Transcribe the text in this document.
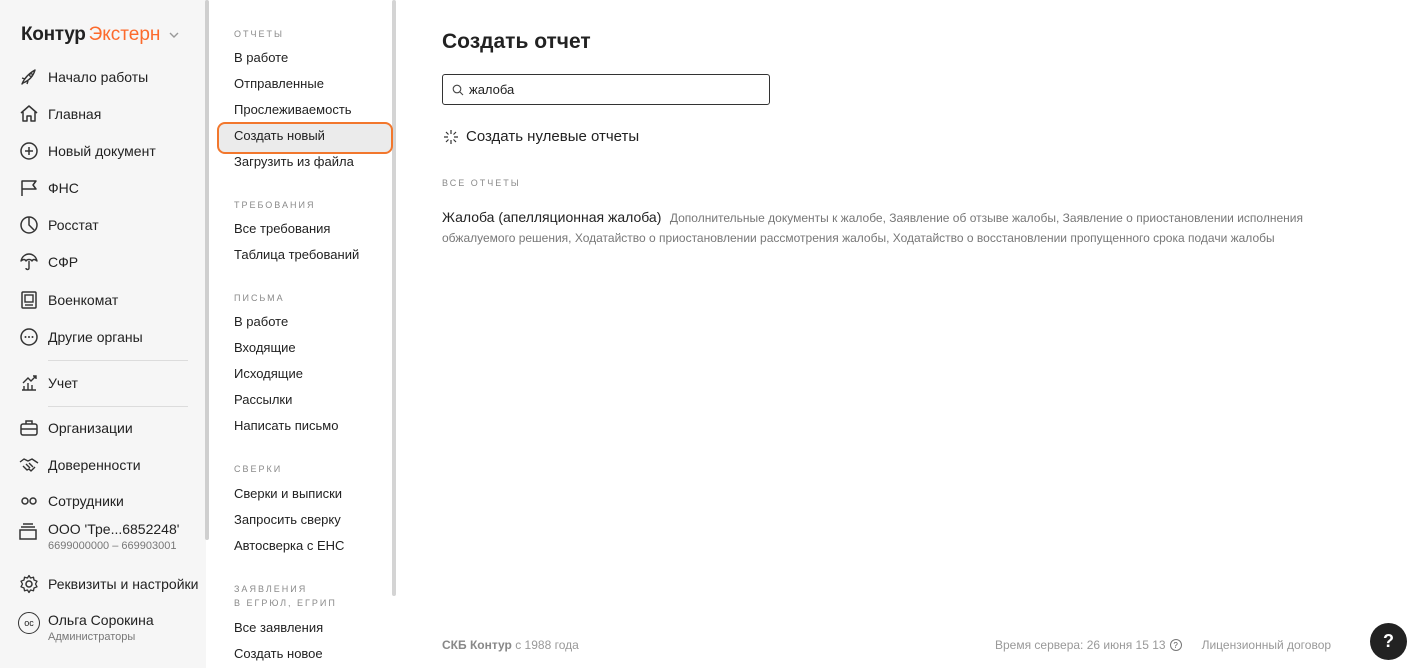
Контур Экстерн
Начало работы
Главная
Новый документ
ФНС
Росстат
СФР
Военкомат
Другие органы
Учет
Организации
Доверенности
Сотрудники
ООО 'Тре...6852248'
6699000000 – 669903001
Реквизиты и настройки
ос	Ольга Сорокина
Администраторы
ОТЧЕТЫ
В работе
Отправленные
Прослеживаемость
Создать новый
Загрузить из файла
ТРЕБОВАНИЯ
Все требования
Таблица требований
ПИСЬМА
В работе
Входящие
Исходящие
Рассылки
Написать письмо
СВЕРКИ
Сверки и выписки
Запросить сверку
Автосверка с ЕНС
ЗАЯВЛЕНИЯ
В ЕГРЮЛ, ЕГРИП
Все заявления
Создать новое
Создать отчет
жалоба
Создать нулевые отчеты
ВСЕ ОТЧЕТЫ
Жалоба (апелляционная жалоба) Дополнительные документы к жалобе, Заявление об отзыве жалобы, Заявление о приостановлении исполнения обжалуемого решения, Ходатайство о приостановлении рассмотрения жалобы, Ходатайство о восстановлении пропущенного срока подачи жалобы
СКБ Контур с 1988 года	Время сервера: 26 июня 15 13 ?	Лицензионный договор	?
